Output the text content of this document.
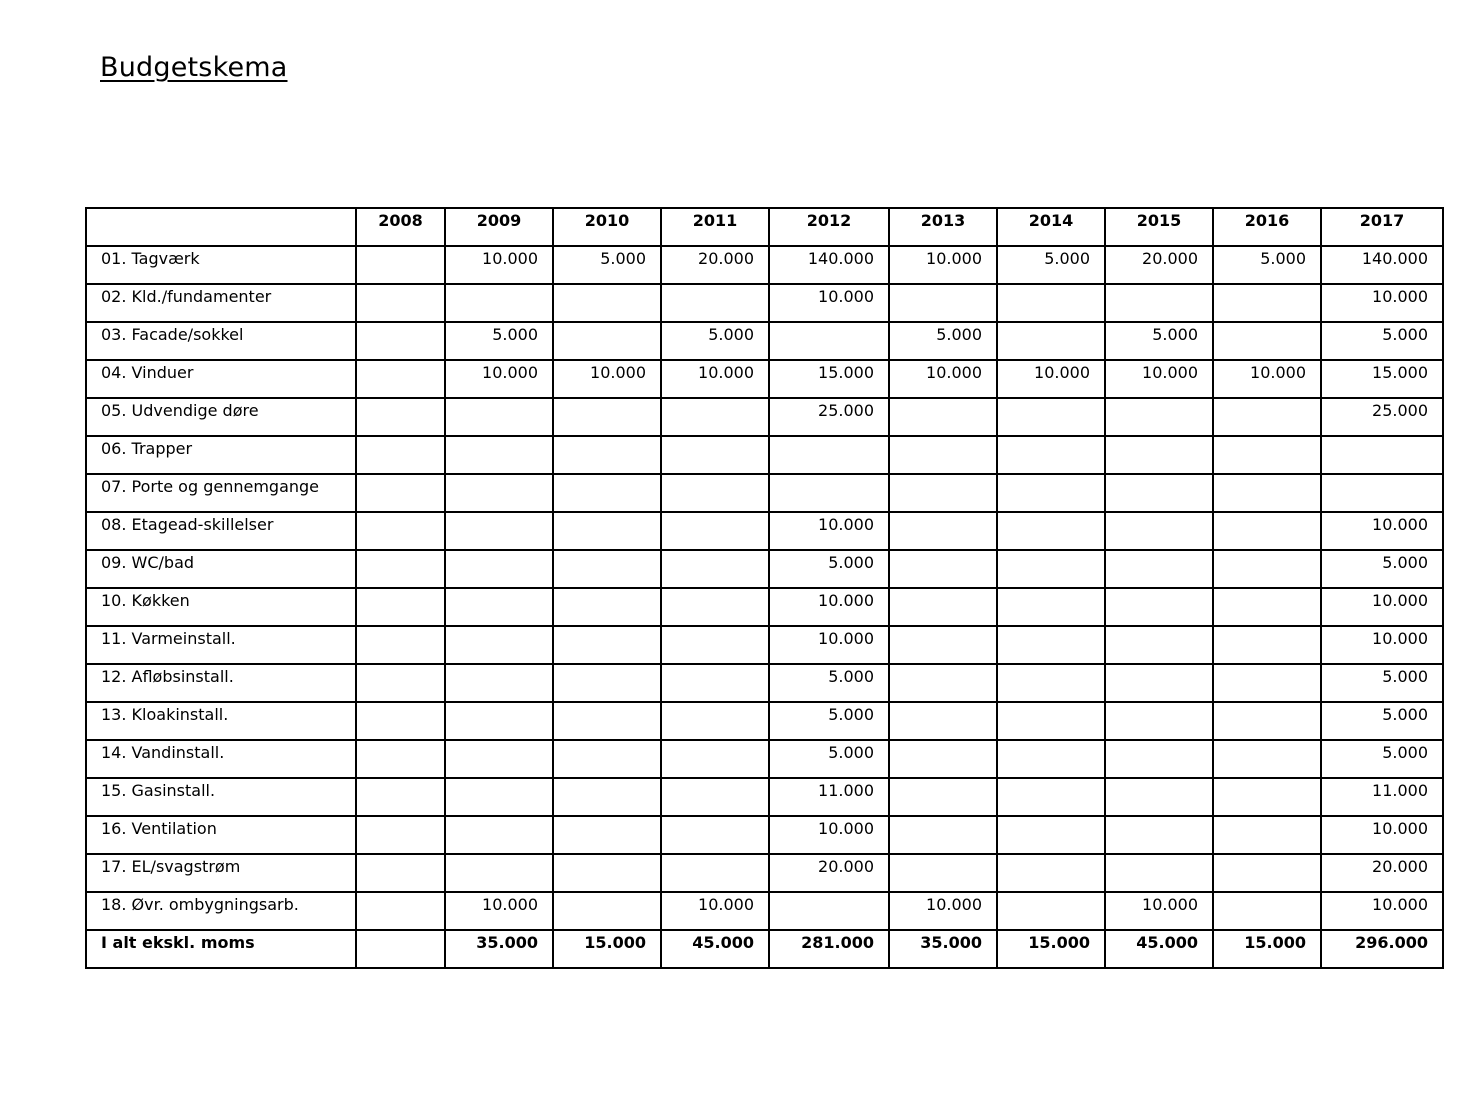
Budgetskema
	2008	2009	2010	2011	2012	2013	2014	2015	2016	2017
01. Tagværk		10.000	5.000	20.000	140.000	10.000	5.000	20.000	5.000	140.000
02. Kld./fundamenter					10.000					10.000
03. Facade/sokkel		5.000		5.000		5.000		5.000		5.000
04. Vinduer		10.000	10.000	10.000	15.000	10.000	10.000	10.000	10.000	15.000
05. Udvendige døre					25.000					25.000
06. Trapper										
07. Porte og gennemgange										
08. Etagead-skillelser					10.000					10.000
09. WC/bad					5.000					5.000
10. Køkken					10.000					10.000
11. Varmeinstall.					10.000					10.000
12. Afløbsinstall.					5.000					5.000
13. Kloakinstall.					5.000					5.000
14. Vandinstall.					5.000					5.000
15. Gasinstall.					11.000					11.000
16. Ventilation					10.000					10.000
17. EL/svagstrøm					20.000					20.000
18. Øvr. ombygningsarb.		10.000		10.000		10.000		10.000		10.000
I alt ekskl. moms		35.000	15.000	45.000	281.000	35.000	15.000	45.000	15.000	296.000
